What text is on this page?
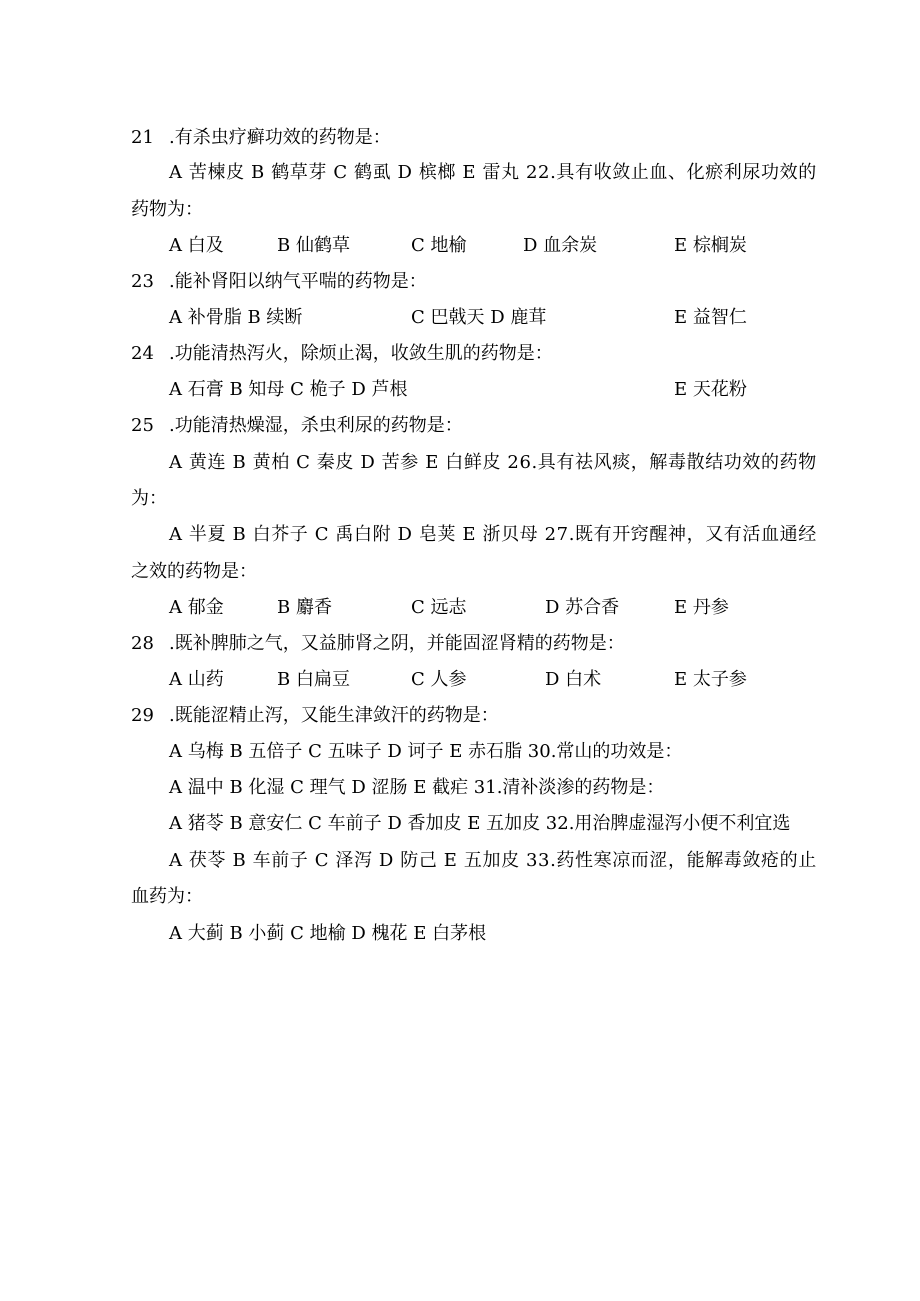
21 .有杀虫疗癣功效的药物是：
A 苦楝皮 B 鹤草芽 C 鹤虱 D 槟榔 E 雷丸 22.具有收敛止血、化瘀利尿功效的
药物为：
A 白及	B 仙鹤草	C 地榆	D 血余炭	E 棕榈炭
23 .能补肾阳以纳气平喘的药物是：
A 补骨脂 B 续断	C 巴戟天 D 鹿茸	E 益智仁
24 .功能清热泻火，除烦止渴，收敛生肌的药物是：
A 石膏 B 知母 C 桅子 D 芦根	E 天花粉
25 .功能清热燥湿，杀虫利尿的药物是：
A 黄连 B 黄柏 C 秦皮 D 苦参 E 白鲜皮 26.具有祛风痰，解毒散结功效的药物
为：
A 半夏 B 白芥子 C 禹白附 D 皂荚 E 浙贝母 27.既有开窍醒神，又有活血通经
之效的药物是：
A 郁金	B 麝香	C 远志	D 苏合香	E 丹参
28 .既补脾肺之气，又益肺肾之阴，并能固涩肾精的药物是：
A 山药	B 白扁豆	C 人参	D 白术	E 太子参
29 .既能涩精止泻，又能生津敛汗的药物是：
A 乌梅 B 五倍子 C 五味子 D 诃子 E 赤石脂 30.常山的功效是：
A 温中 B 化湿 C 理气 D 涩肠 E 截疟 31.清补淡渗的药物是：
A 猪苓 B 意安仁 C 车前子 D 香加皮 E 五加皮 32.用治脾虚湿泻小便不利宜选
A 茯苓 B 车前子 C 泽泻 D 防己 E 五加皮 33.药性寒凉而涩，能解毒敛疮的止
血药为：
A 大蓟 B 小蓟 C 地榆 D 槐花 E 白茅根
